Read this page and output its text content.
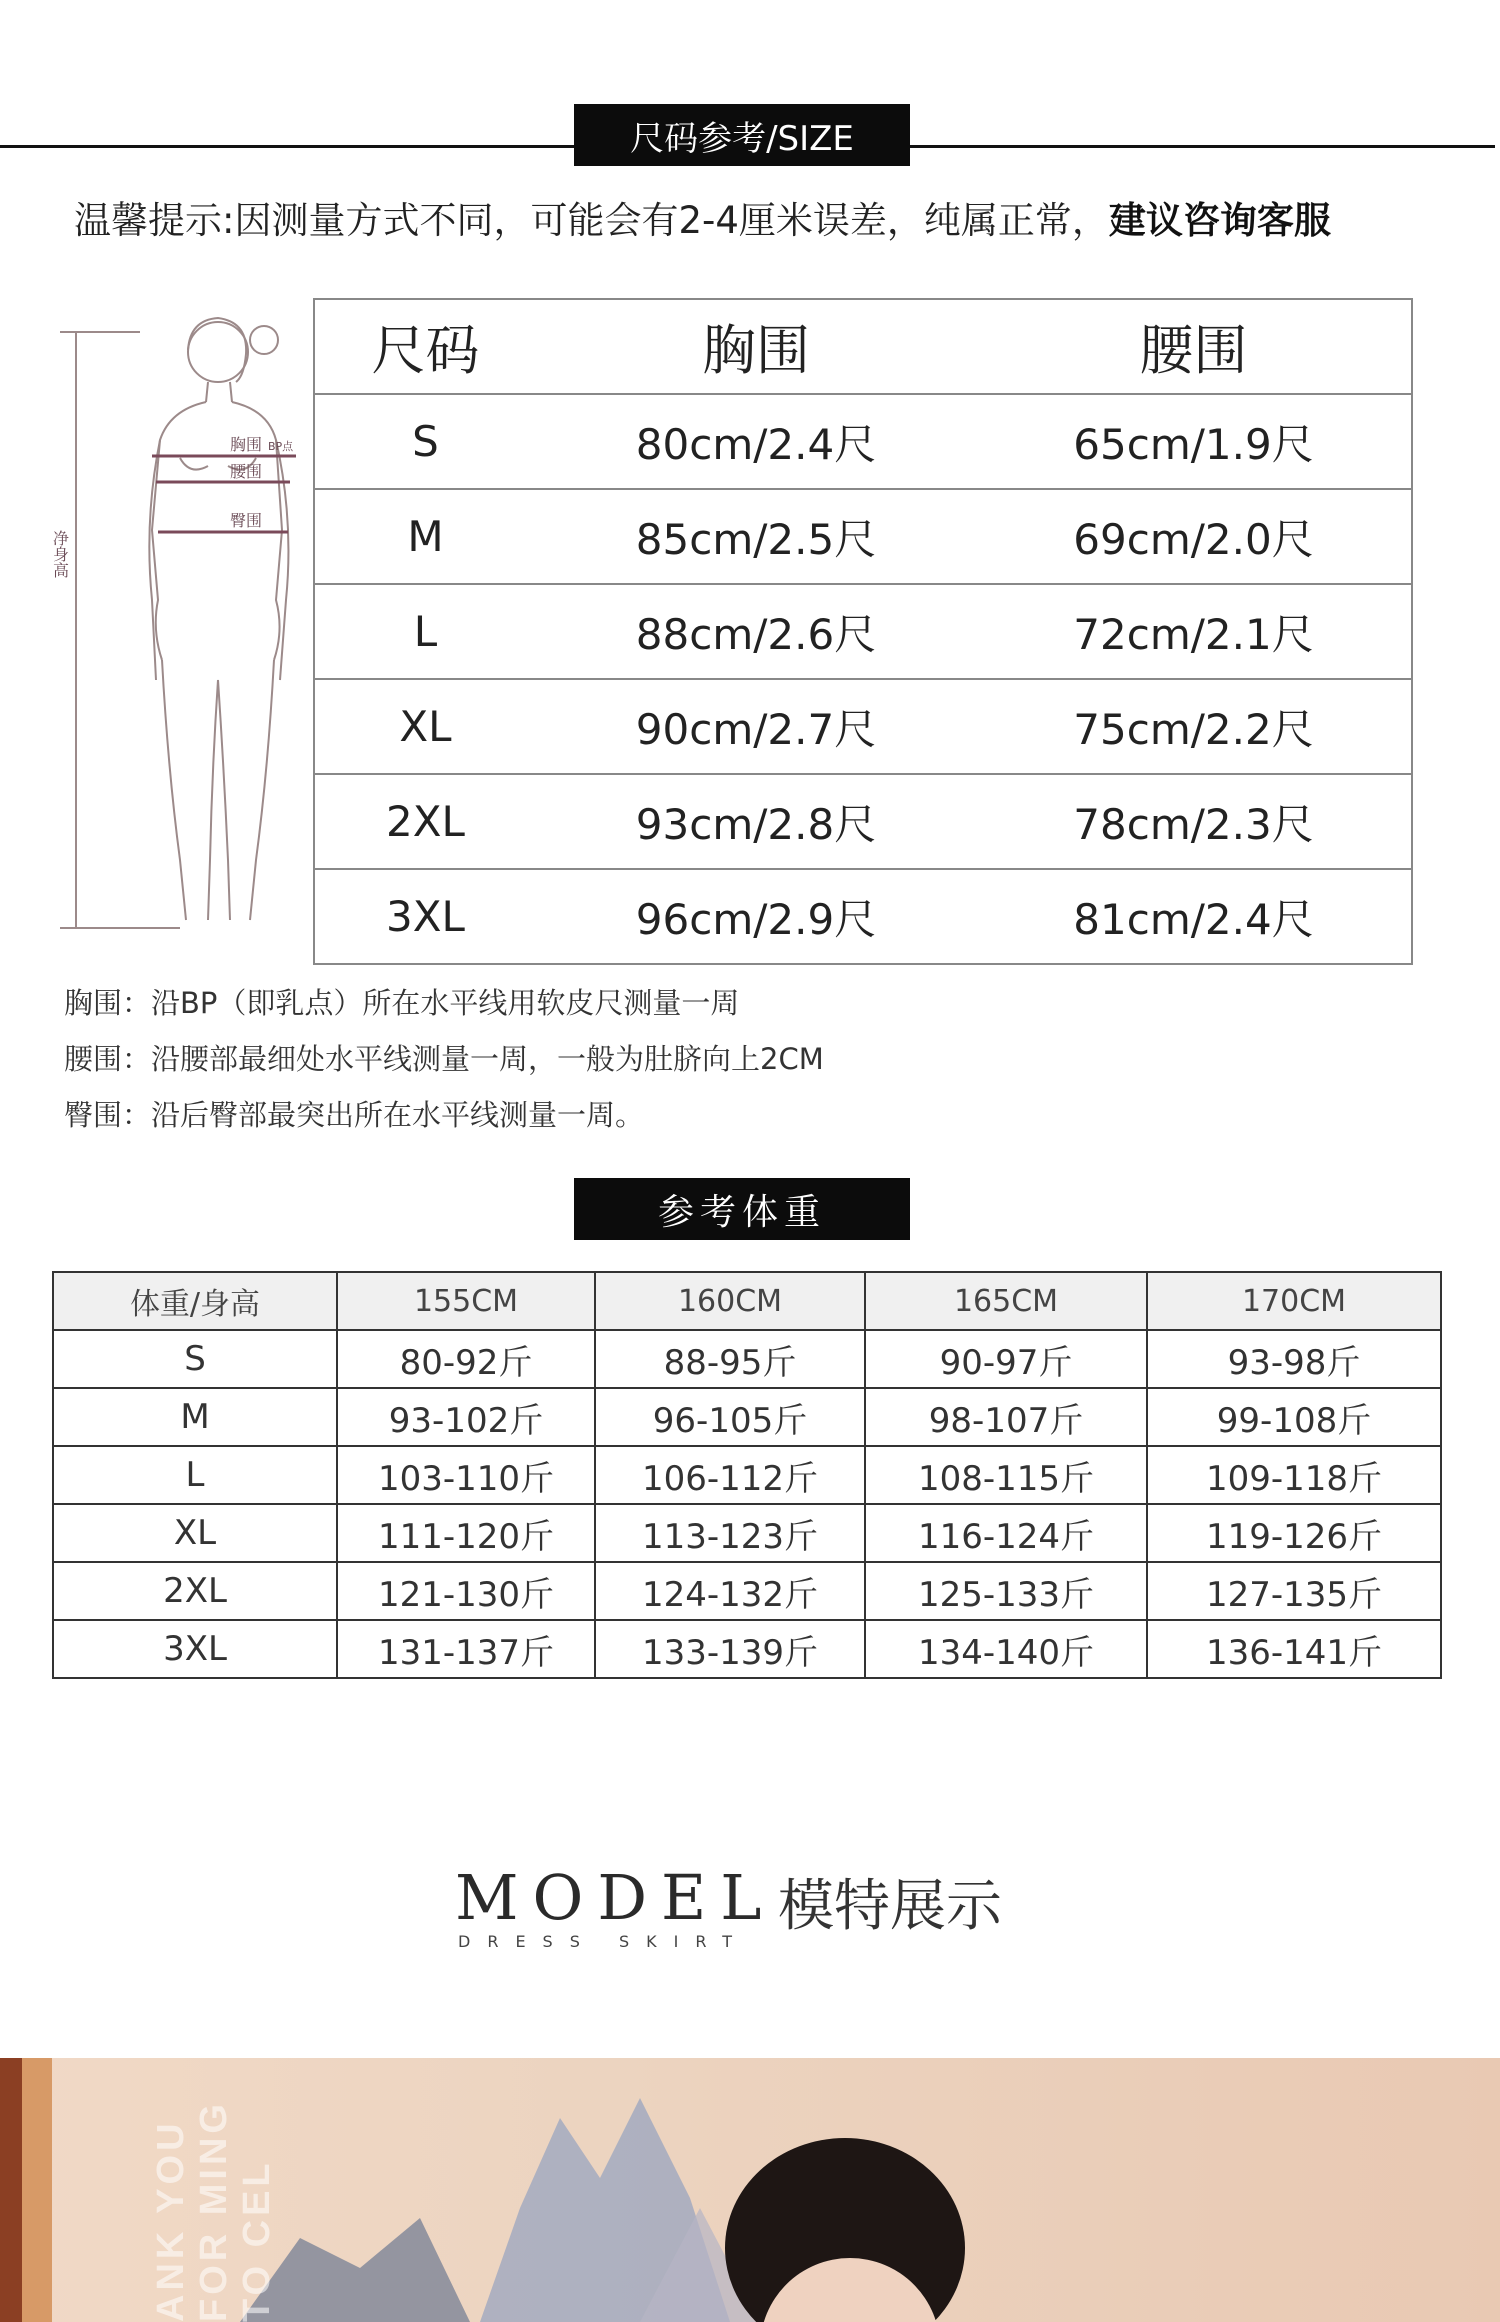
尺码参考/SIZE
温馨提示:因测量方式不同，可能会有2-4厘米误差，纯属正常，建议咨询客服
胸围 BP点
腰围
臀围
净身高
尺码	胸围	腰围
S	80cm/2.4尺	65cm/1.9尺
M	85cm/2.5尺	69cm/2.0尺
L	88cm/2.6尺	72cm/2.1尺
XL	90cm/2.7尺	75cm/2.2尺
2XL	93cm/2.8尺	78cm/2.3尺
3XL	96cm/2.9尺	81cm/2.4尺
胸围：沿BP（即乳点）所在水平线用软皮尺测量一周
腰围：沿腰部最细处水平线测量一周，一般为肚脐向上2CM
臀围：沿后臀部最突出所在水平线测量一周。
参考体重
体重/身高	155CM	160CM	165CM	170CM
S	80-92斤	88-95斤	90-97斤	93-98斤
M	93-102斤	96-105斤	98-107斤	99-108斤
L	103-110斤	106-112斤	108-115斤	109-118斤
XL	111-120斤	113-123斤	116-124斤	119-126斤
2XL	121-130斤	124-132斤	125-133斤	127-135斤
3XL	131-137斤	133-139斤	134-140斤	136-141斤
MODEL
DRESS SKIRT
模特展示
ANK YOU FOR MING TO CEL
